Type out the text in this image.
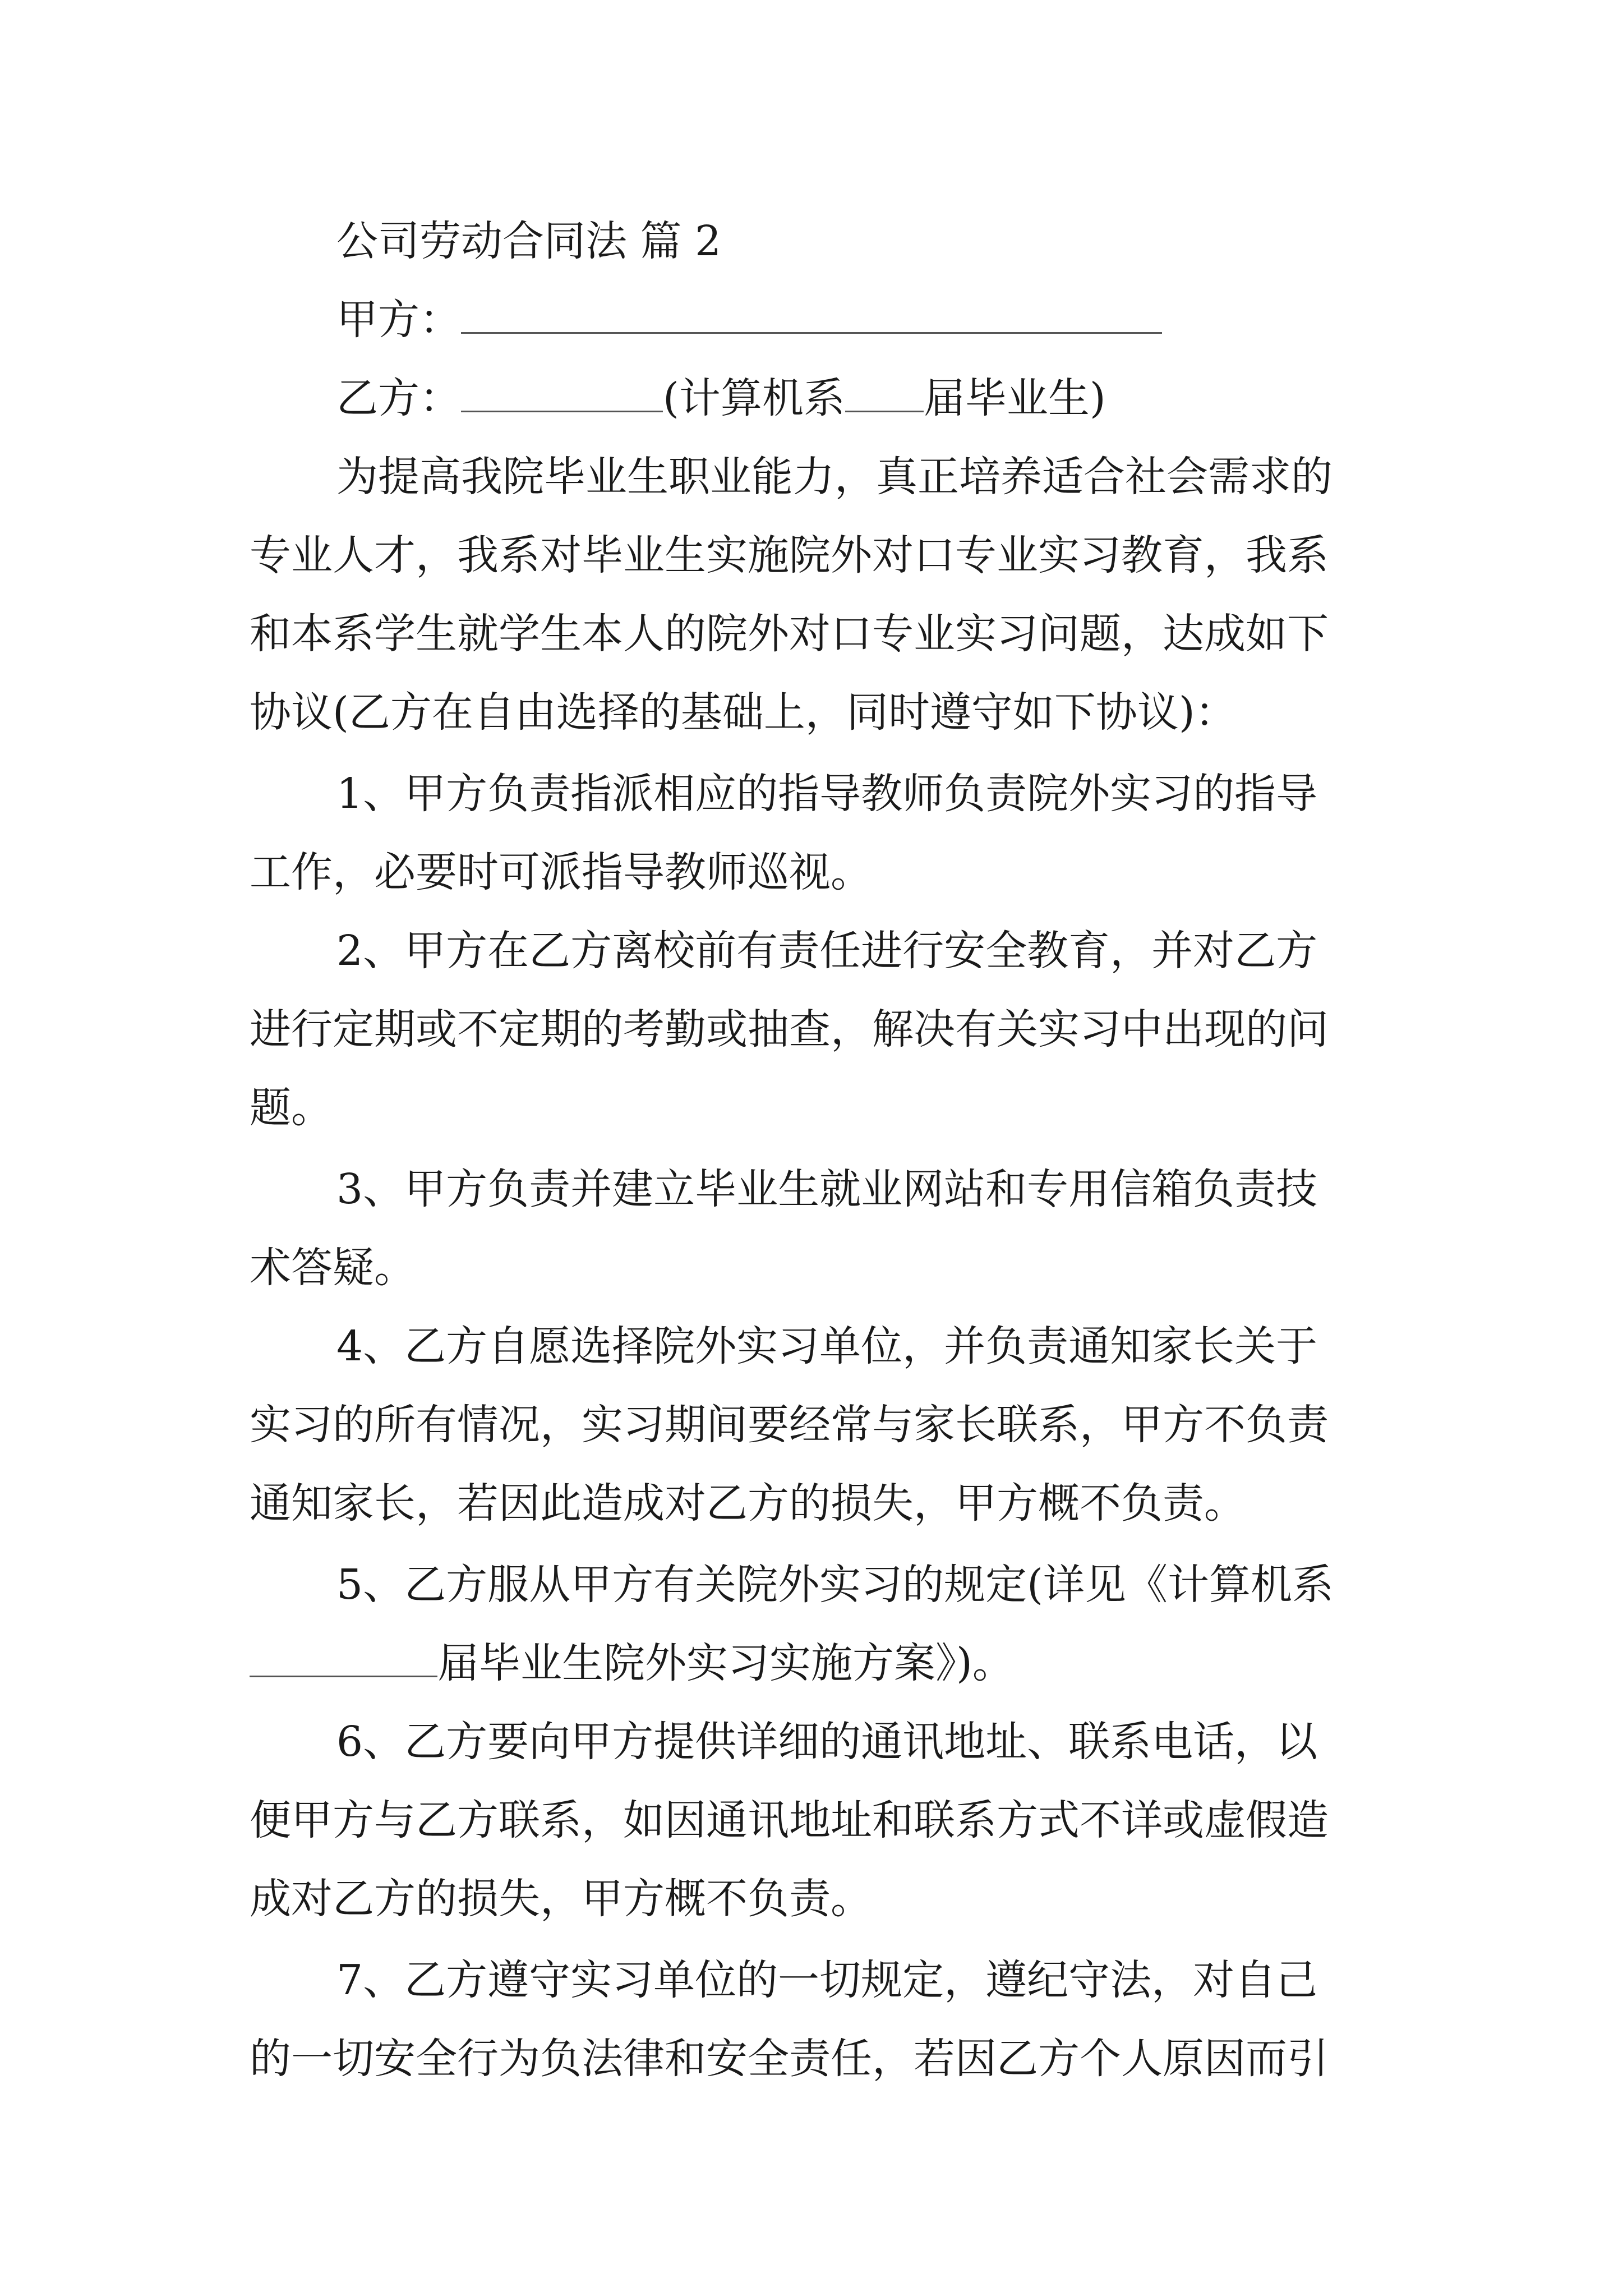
公司劳动合同法 篇 2
甲方：
乙方：	(计算机系 届毕业生)
为提高我院毕业生职业能力，真正培养适合社会需求的
专业人才，我系对毕业生实施院外对口专业实习教育，我系
和本系学生就学生本人的院外对口专业实习问题，达成如下
协议(乙方在自由选择的基础上，同时遵守如下协议)：
1、甲方负责指派相应的指导教师负责院外实习的指导
工作，必要时可派指导教师巡视。
2、甲方在乙方离校前有责任进行安全教育，并对乙方
进行定期或不定期的考勤或抽查，解决有关实习中出现的问
题。
3、甲方负责并建立毕业生就业网站和专用信箱负责技
术答疑。
4、乙方自愿选择院外实习单位，并负责通知家长关于
实习的所有情况，实习期间要经常与家长联系，甲方不负责
通知家长，若因此造成对乙方的损失，甲方概不负责。
5、乙方服从甲方有关院外实习的规定(详见《计算机系
届毕业生院外实习实施方案》)。
6、乙方要向甲方提供详细的通讯地址、联系电话，以
便甲方与乙方联系，如因通讯地址和联系方式不详或虚假造
成对乙方的损失，甲方概不负责。
7、乙方遵守实习单位的一切规定，遵纪守法，对自己
的一切安全行为负法律和安全责任，若因乙方个人原因而引
